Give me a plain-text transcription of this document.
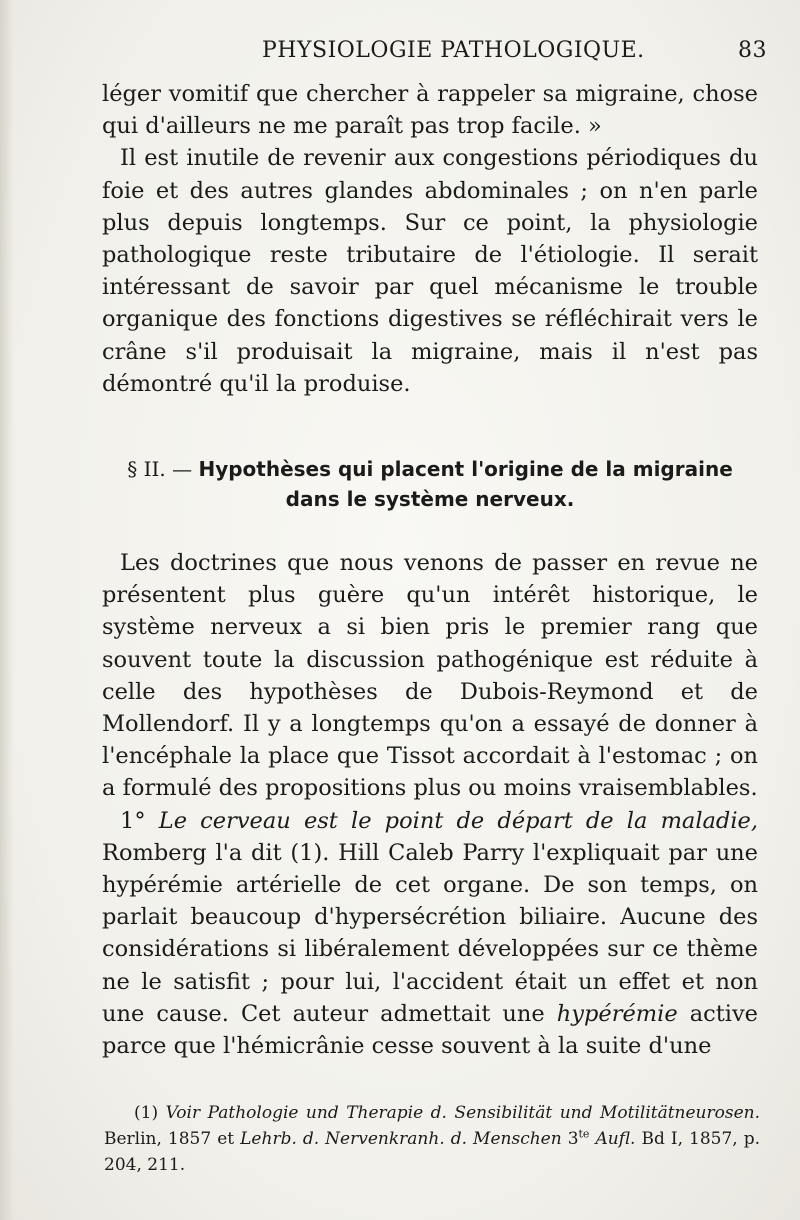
PHYSIOLOGIE PATHOLOGIQUE.	83

léger vomitif que chercher à rappeler sa migraine, chose qui d'ailleurs ne me paraît pas trop facile. »

Il est inutile de revenir aux congestions périodiques du foie et des autres glandes abdominales ; on n'en parle plus depuis longtemps. Sur ce point, la physiologie pathologique reste tributaire de l'étiologie. Il serait intéressant de savoir par quel mécanisme le trouble organique des fonctions digestives se réfléchirait vers le crâne s'il produisait la migraine, mais il n'est pas démontré qu'il la produise.

§ II. — Hypothèses qui placent l'origine de la migraine
dans le système nerveux.

Les doctrines que nous venons de passer en revue ne présentent plus guère qu'un intérêt historique, le système nerveux a si bien pris le premier rang que souvent toute la discussion pathogénique est réduite à celle des hypothèses de Dubois-Reymond et de Mollendorf. Il y a longtemps qu'on a essayé de donner à l'encéphale la place que Tissot accordait à l'estomac ; on a formulé des propositions plus ou moins vraisemblables.

1° Le cerveau est le point de départ de la maladie, Romberg l'a dit (1). Hill Caleb Parry l'expliquait par une hypérémie artérielle de cet organe. De son temps, on parlait beaucoup d'hypersécrétion biliaire. Aucune des considérations si libéralement développées sur ce thème ne le satisfit ; pour lui, l'accident était un effet et non une cause. Cet auteur admettait une hypérémie active parce que l'hémicrânie cesse souvent à la suite d'une

(1) Voir Pathologie und Therapie d. Sensibilität und Motilitätneurosen. Berlin, 1857 et Lehrb. d. Nervenkranh. d. Menschen $3^{te}$ Aufl. Bd I, 1857, p. 204, 211.
